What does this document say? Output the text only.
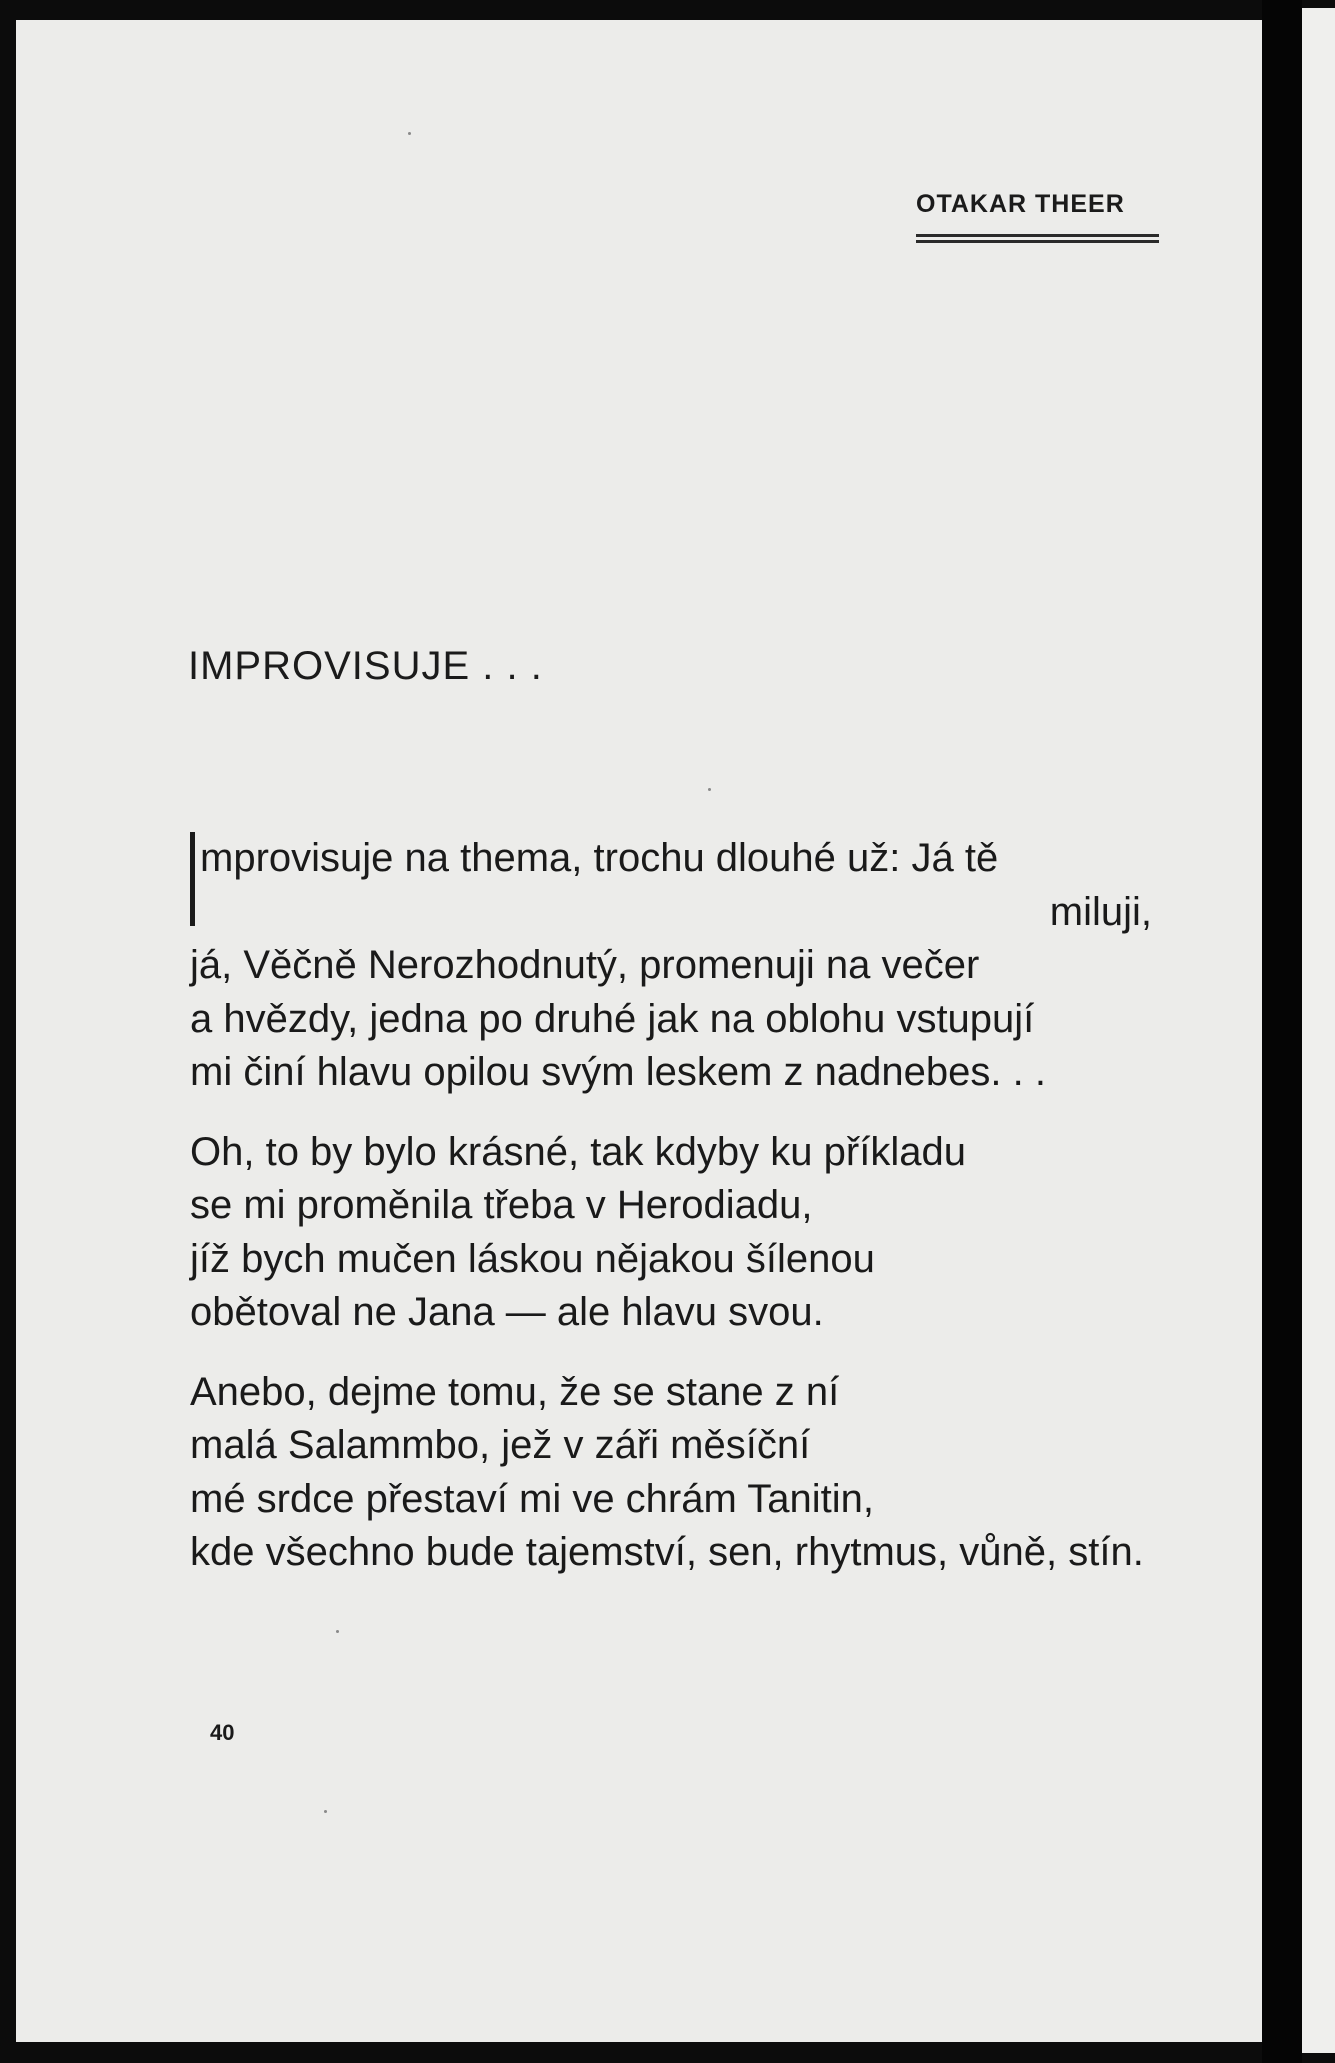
OTAKAR THEER
IMPROVISUJE . . .
mprovisuje na thema, trochu dlouhé už: Já tě
miluji,
já, Věčně Nerozhodnutý, promenuji na večer
a hvězdy, jedna po druhé jak na oblohu vstupují
mi činí hlavu opilou svým leskem z nadnebes. . .
Oh, to by bylo krásné, tak kdyby ku příkladu
se mi proměnila třeba v Herodiadu,
jíž bych mučen láskou nějakou šílenou
obětoval ne Jana — ale hlavu svou.
Anebo, dejme tomu, že se stane z ní
malá Salammbo, jež v záři měsíční
mé srdce přestaví mi ve chrám Tanitin,
kde všechno bude tajemství, sen, rhytmus, vůně, stín.
40
